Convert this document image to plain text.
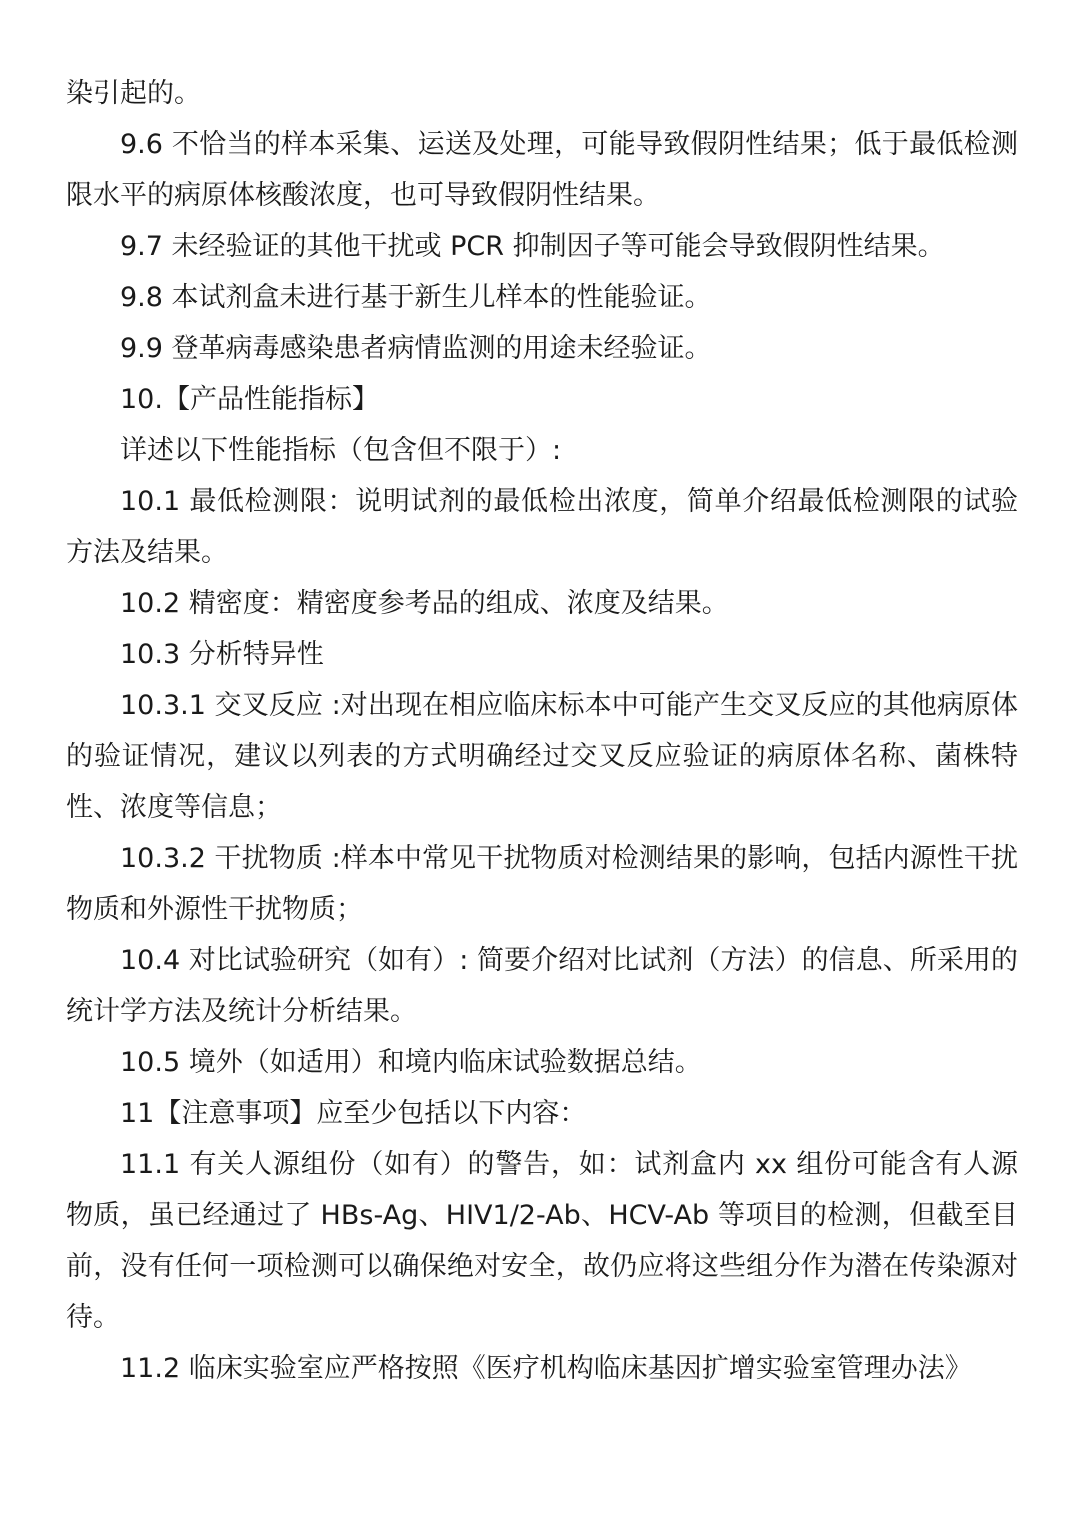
染引起的。

9.6 不恰当的样本采集、运送及处理，可能导致假阴性结果；低于最低检测限水平的病原体核酸浓度，也可导致假阴性结果。

9.7 未经验证的其他干扰或 PCR 抑制因子等可能会导致假阴性结果。

9.8 本试剂盒未进行基于新生儿样本的性能验证。

9.9 登革病毒感染患者病情监测的用途未经验证。

10.【产品性能指标】

详述以下性能指标（包含但不限于）:

10.1 最低检测限：说明试剂的最低检出浓度，简单介绍最低检测限的试验方法及结果。

10.2 精密度：精密度参考品的组成、浓度及结果。

10.3 分析特异性

10.3.1 交叉反应 :对出现在相应临床标本中可能产生交叉反应的其他病原体的验证情况，建议以列表的方式明确经过交叉反应验证的病原体名称、菌株特性、浓度等信息；

10.3.2 干扰物质 :样本中常见干扰物质对检测结果的影响，包括内源性干扰物质和外源性干扰物质；

10.4 对比试验研究（如有）: 简要介绍对比试剂（方法）的信息、所采用的统计学方法及统计分析结果。

10.5 境外（如适用）和境内临床试验数据总结。

11【注意事项】应至少包括以下内容：

11.1 有关人源组份（如有）的警告，如：试剂盒内 xx 组份可能含有人源物质，虽已经通过了 HBs-Ag、HIV1/2-Ab、HCV-Ab 等项目的检测，但截至目前，没有任何一项检测可以确保绝对安全，故仍应将这些组分作为潜在传染源对待。

11.2 临床实验室应严格按照《医疗机构临床基因扩增实验室管理办法》
